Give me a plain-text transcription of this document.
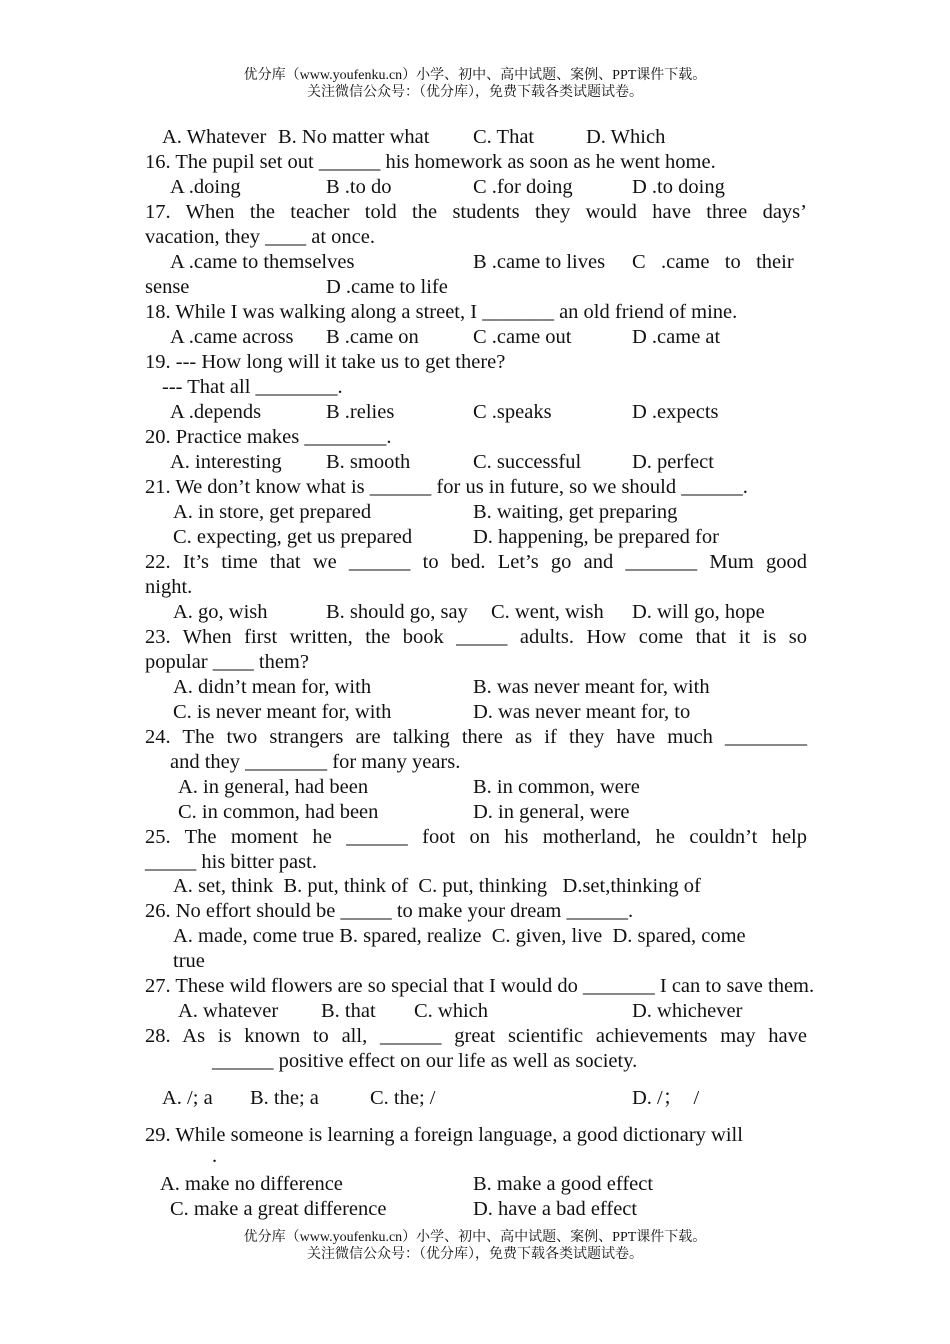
优分库（www.youfenku.cn）小学、初中、高中试题、案例、PPT课件下载。
关注微信公众号：（优分库），免费下载各类试题试卷。
A. Whatever B. No matter what C. That	D. Which
16. The pupil set out ______ his homework as soon as he went home.
A .doing	B .to do	C .for doing	D .to doing
17. When the teacher told the students they would have three days’
vacation, they ____ at once.
A .came to themselves	B .came to lives C   .came   to   their
sense	D .came to life
18. While I was walking along a street, I _______ an old friend of mine.
A .came across B .came on	C .came out	D .came at
19. --- How long will it take us to get there?
--- That all ________.
A .depends	B .relies	C .speaks	D .expects
20. Practice makes ________.
A. interesting B. smooth	C. successful D. perfect
21. We don’t know what is ______ for us in future, so we should ______.
A. in store, get prepared	B. waiting, get preparing
C. expecting, get us prepared	D. happening, be prepared for
22. It’s time that we ______ to bed. Let’s go and _______ Mum good
night.
A. go, wish	B. should go, say C. went, wish D. will go, hope
23. When first written, the book _____ adults. How come that it is so
popular ____ them?
A. didn’t mean for, with	B. was never meant for, with
C. is never meant for, with	D. was never meant for, to
24. The two strangers are talking there as if they have much ________
and they ________ for many years.
A. in general, had been	B. in common, were
C. in common, had been	D. in general, were
25. The moment he ______ foot on his motherland, he couldn’t help
_____ his bitter past.
A. set, think  B. put, think of  C. put, thinking   D.set,thinking of
26. No effort should be _____ to make your dream ______.
A. made, come true B. spared, realize  C. given, live  D. spared, come
true
27. These wild flowers are so special that I would do _______ I can to save them.
A. whatever B. that C. which	D. whichever
28. As is known to all, ______ great scientific achievements may have
______ positive effect on our life as well as society.
A. /; a B. the; a C. the; /	D. /；  /
29. While someone is learning a foreign language, a good dictionary will
.
A. make no difference	B. make a good effect
C. make a great difference	D. have a bad effect
优分库（www.youfenku.cn）小学、初中、高中试题、案例、PPT课件下载。
关注微信公众号：（优分库），免费下载各类试题试卷。
